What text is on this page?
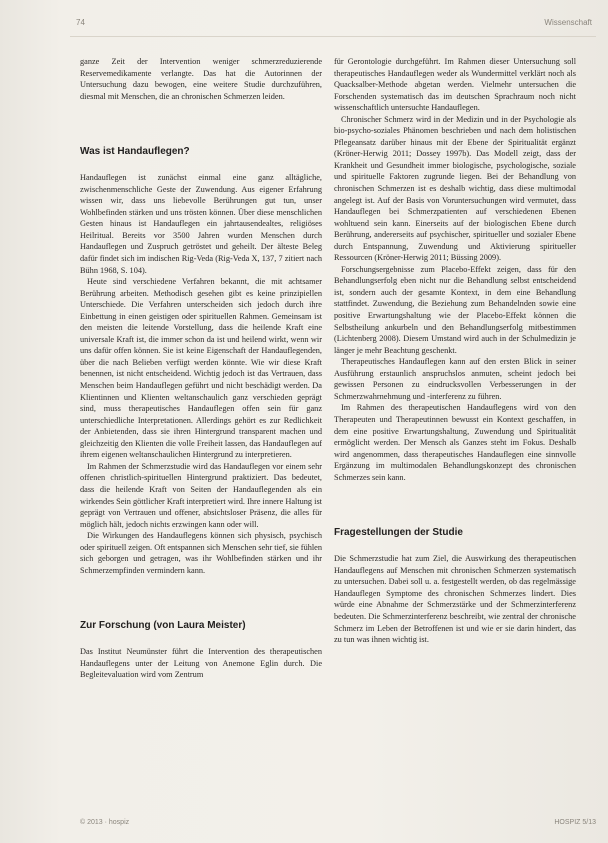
74	Wissenschaft

ganze Zeit der Intervention weniger schmerzreduzierende Reservemedikamente verlangte. Das hat die Autorinnen der Untersuchung dazu bewogen, eine weitere Studie durchzuführen, diesmal mit Menschen, die an chronischen Schmerzen leiden.

Was ist Handauflegen?

Handauflegen ist zunächst einmal eine ganz alltägliche, zwischenmenschliche Geste der Zuwendung. Aus eigener Erfahrung wissen wir, dass uns liebevolle Berührungen gut tun, unser Wohlbefinden stärken und uns trösten können. Über diese menschlichen Gesten hinaus ist Handauflegen ein jahrtausendealtes, religiöses Heilritual. Bereits vor 3500 Jahren wurden Menschen durch Handauflegen und Zuspruch getröstet und geheilt. Der älteste Beleg dafür findet sich im indischen Rig-Veda (Rig-Veda X, 137, 7 zitiert nach Bühn 1968, S. 104).

Heute sind verschiedene Verfahren bekannt, die mit achtsamer Berührung arbeiten. Methodisch gesehen gibt es keine prinzipiellen Unterschiede. Die Verfahren unterscheiden sich jedoch durch ihre Einbettung in einen geistigen oder spirituellen Rahmen. Gemeinsam ist den meisten die leitende Vorstellung, dass die heilende Kraft eine universale Kraft ist, die immer schon da ist und heilend wirkt, wenn wir uns dafür offen können. Sie ist keine Eigenschaft der Handauflegenden, über die nach Belieben verfügt werden könnte. Wie wir diese Kraft benennen, ist nicht entscheidend. Wichtig jedoch ist das Vertrauen, dass Menschen beim Handauflegen geführt und nicht beschädigt werden. Da Klientinnen und Klienten weltanschaulich ganz verschieden geprägt sind, muss therapeutisches Handauflegen offen sein für ganz unterschiedliche Interpretationen. Allerdings gehört es zur Redlichkeit der Anbietenden, dass sie ihren Hintergrund transparent machen und gleichzeitig den Klienten die volle Freiheit lassen, das Handauflegen auf ihrem eigenen weltanschaulichen Hintergrund zu interpretieren.

Im Rahmen der Schmerzstudie wird das Handauflegen vor einem sehr offenen christlich-spirituellen Hintergrund praktiziert. Das bedeutet, dass die heilende Kraft von Seiten der Handauflegenden als ein wirkendes Sein göttlicher Kraft interpretiert wird. Ihre innere Haltung ist geprägt von Vertrauen und offener, absichtsloser Präsenz, die alles für möglich hält, jedoch nichts erzwingen kann oder will.

Die Wirkungen des Handauflegens können sich physisch, psychisch oder spirituell zeigen. Oft entspannen sich Menschen sehr tief, sie fühlen sich geborgen und getragen, was ihr Wohlbefinden stärken und ihr Schmerzempfinden vermindern kann.

Zur Forschung (von Laura Meister)

Das Institut Neumünster führt die Intervention des therapeutischen Handauflegens unter der Leitung von Anemone Eglin durch. Die Begleitevaluation wird vom Zentrum

für Gerontologie durchgeführt. Im Rahmen dieser Untersuchung soll therapeutisches Handauflegen weder als Wundermittel verklärt noch als Quacksalber-Methode abgetan werden. Vielmehr untersuchen die Forschenden systematisch das im deutschen Sprachraum noch nicht wissenschaftlich untersuchte Handauflegen.

Chronischer Schmerz wird in der Medizin und in der Psychologie als bio-psycho-soziales Phänomen beschrieben und nach dem holistischen Pflegeansatz darüber hinaus mit der Ebene der Spiritualität ergänzt (Kröner-Herwig 2011; Dossey 1997b). Das Modell zeigt, dass der Krankheit und Gesundheit immer biologische, psychologische, soziale und spirituelle Faktoren zugrunde liegen. Bei der Behandlung von chronischen Schmerzen ist es deshalb wichtig, dass diese multimodal angelegt ist. Auf der Basis von Voruntersuchungen wird vermutet, dass Handauflegen bei Schmerzpatienten auf verschiedenen Ebenen wohltuend sein kann. Einerseits auf der biologischen Ebene durch Berührung, andererseits auf psychischer, spiritueller und sozialer Ebene durch Entspannung, Zuwendung und Aktivierung spiritueller Ressourcen (Kröner-Herwig 2011; Büssing 2009).

Forschungsergebnisse zum Placebo-Effekt zeigen, dass für den Behandlungserfolg eben nicht nur die Behandlung selbst entscheidend ist, sondern auch der gesamte Kontext, in dem eine Behandlung stattfindet. Zuwendung, die Beziehung zum Behandelnden sowie eine positive Erwartungshaltung wie der Placebo-Effekt können die Selbstheilung ankurbeln und den Behandlungserfolg mitbestimmen (Lichtenberg 2008). Diesem Umstand wird auch in der Schulmedizin je länger je mehr Beachtung geschenkt.

Therapeutisches Handauflegen kann auf den ersten Blick in seiner Ausführung erstaunlich anspruchslos anmuten, scheint jedoch bei gewissen Personen zu eindrucksvollen Verbesserungen in der Schmerzwahrnehmung und -interferenz zu führen.

Im Rahmen des therapeutischen Handauflegens wird von den Therapeuten und Therapeutinnen bewusst ein Kontext geschaffen, in dem eine positive Erwartungshaltung, Zuwendung und Spiritualität ermöglicht werden. Der Mensch als Ganzes steht im Fokus. Deshalb wird angenommen, dass therapeutisches Handauflegen eine sinnvolle Ergänzung im multimodalen Behandlungskonzept des chronischen Schmerzes sein kann.

Fragestellungen der Studie

Die Schmerzstudie hat zum Ziel, die Auswirkung des therapeutischen Handauflegens auf Menschen mit chronischen Schmerzen systematisch zu untersuchen. Dabei soll u. a. festgestellt werden, ob das regelmässige Handauflegen Symptome des chronischen Schmerzes lindert. Dies würde eine Abnahme der Schmerzstärke und der Schmerzinterferenz bedeuten. Die Schmerzinterferenz beschreibt, wie zentral der chronische Schmerz im Leben der Betroffenen ist und wie er sie darin hindert, das zu tun was ihnen wichtig ist.

© 2013 · hospiz	HOSPIZ 5/13
